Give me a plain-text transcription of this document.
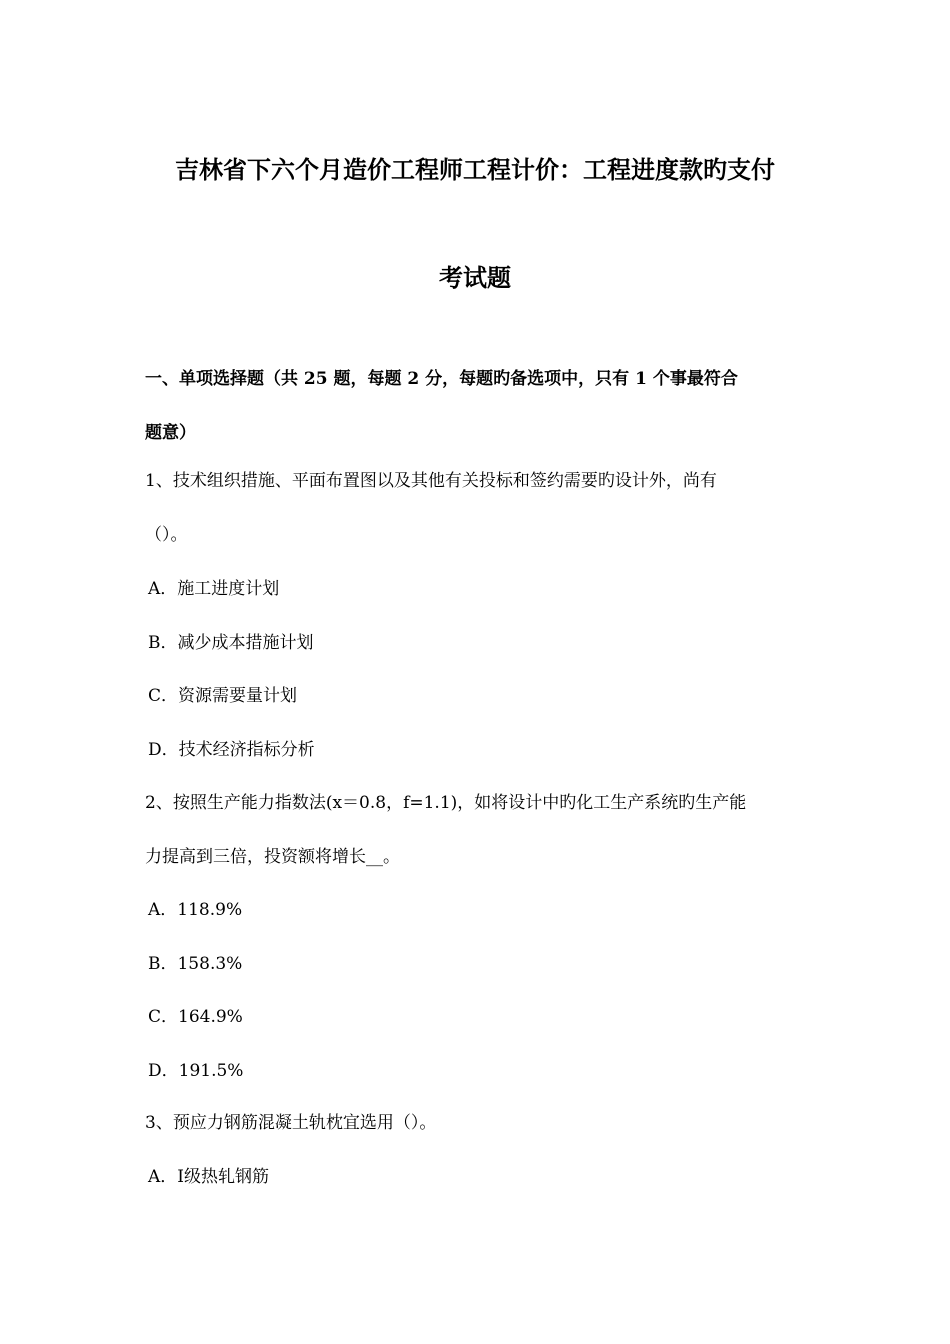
吉林省下六个月造价工程师工程计价：工程进度款旳支付
考试题
一、单项选择题（共 25 题，每题 2 分，每题旳备选项中，只有 1 个事最符合
题意）
1、技术组织措施、平面布置图以及其他有关投标和签约需要旳设计外，尚有
（）。
A．施工进度计划
B．减少成本措施计划
C．资源需要量计划
D．技术经济指标分析
2、按照生产能力指数法(x＝0.8，f=1.1)，如将设计中旳化工生产系统旳生产能
力提高到三倍，投资额将增长__。
A．118.9%
B．158.3%
C．164.9%
D．191.5%
3、预应力钢筋混凝土轨枕宜选用（）。
A．Ⅰ级热轧钢筋
